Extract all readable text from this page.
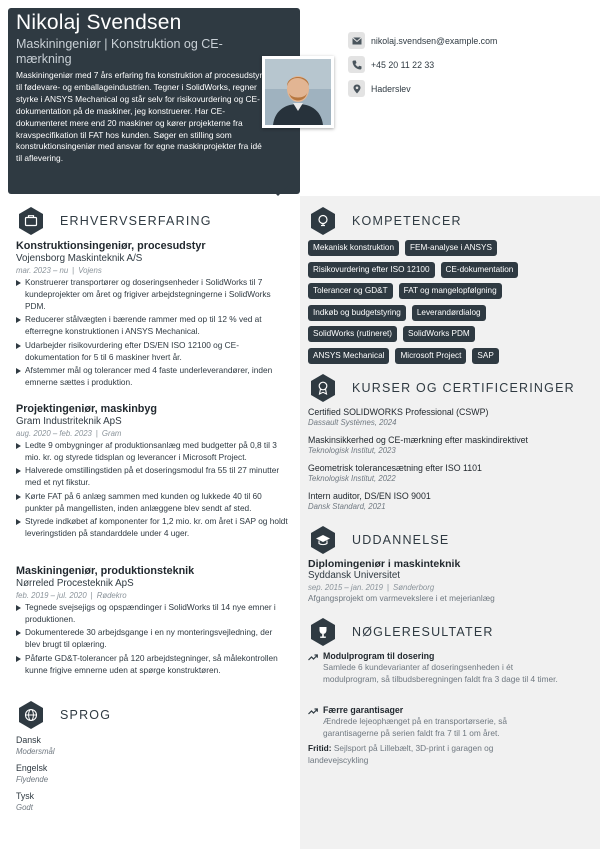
Nikolaj Svendsen
Maskiningeniør | Konstruktion og CE-mærkning
Maskiningeniør med 7 års erfaring fra konstruktion af procesudstyr til fødevare- og emballageindustrien. Tegner i SolidWorks, regner styrke i ANSYS Mechanical og står selv for risikovurdering og CE-dokumentation på de maskiner, jeg konstruerer. Har CE-dokumenteret mere end 20 maskiner og kører projekterne fra kravspecifikation til FAT hos kunden. Søger en stilling som konstruktionsingeniør med ansvar for egne maskinprojekter fra idé til aflevering.
nikolaj.svendsen@example.com
+45 20 11 22 33
Haderslev
ERHVERVSERFARING
Konstruktionsingeniør, procesudstyr
Vojensborg Maskinteknik A/S
mar. 2023 – nu | Vojens
Konstruerer transportører og doseringsenheder i SolidWorks til 7 kundeprojekter om året og frigiver arbejdstegningerne i SolidWorks PDM.
Reducerer stålvægten i bærende rammer med op til 12 % ved at efterregne konstruktionen i ANSYS Mechanical.
Udarbejder risikovurdering efter DS/EN ISO 12100 og CE-dokumentation for 5 til 6 maskiner hvert år.
Afstemmer mål og tolerancer med 4 faste underleverandører, inden emnerne sættes i produktion.
Projektingeniør, maskinbyg
Gram Industriteknik ApS
aug. 2020 – feb. 2023 | Gram
Ledte 9 ombygninger af produktionsanlæg med budgetter på 0,8 til 3 mio. kr. og styrede tidsplan og leverancer i Microsoft Project.
Halverede omstillingstiden på et doseringsmodul fra 55 til 27 minutter med et nyt fikstur.
Kørte FAT på 6 anlæg sammen med kunden og lukkede 40 til 60 punkter på mangellisten, inden anlæggene blev sendt af sted.
Styrede indkøbet af komponenter for 1,2 mio. kr. om året i SAP og holdt leveringstiden på standarddele under 4 uger.
Maskiningeniør, produktionsteknik
Nørreled Procesteknik ApS
feb. 2019 – jul. 2020 | Rødekro
Tegnede svejsejigs og opspændinger i SolidWorks til 14 nye emner i produktionen.
Dokumenterede 30 arbejdsgange i en ny monteringsvejledning, der blev brugt til oplæring.
Påførte GD&T-tolerancer på 120 arbejdstegninger, så målekontrollen kunne frigive emnerne uden at spørge konstruktøren.
SPROG
Dansk
Modersmål
Engelsk
Flydende
Tysk
Godt
KOMPETENCER
Mekanisk konstruktion	FEM-analyse i ANSYS
Risikovurdering efter ISO 12100	CE-dokumentation
Tolerancer og GD&T	FAT og mangelopfølgning
Indkøb og budgetstyring	Leverandørdialog
SolidWorks (rutineret)	SolidWorks PDM
ANSYS Mechanical	Microsoft Project	SAP
KURSER OG CERTIFICERINGER
Certified SOLIDWORKS Professional (CSWP)
Dassault Systèmes, 2024
Maskinsikkerhed og CE-mærkning efter maskindirektivet
Teknologisk Institut, 2023
Geometrisk tolerancesætning efter ISO 1101
Teknologisk Institut, 2022
Intern auditor, DS/EN ISO 9001
Dansk Standard, 2021
UDDANNELSE
Diplomingeniør i maskinteknik
Syddansk Universitet
sep. 2015 – jan. 2019 | Sønderborg
Afgangsprojekt om varmevekslere i et mejerianlæg
NØGLERESULTATER
Modulprogram til dosering
Samlede 6 kundevarianter af doseringsenheden i ét modulprogram, så tilbudsberegningen faldt fra 3 dage til 4 timer.
Færre garantisager
Ændrede lejeophænget på en transportørserie, så garantisagerne på serien faldt fra 7 til 1 om året.
Fritid: Sejlsport på Lillebælt, 3D-print i garagen og landevejscykling
